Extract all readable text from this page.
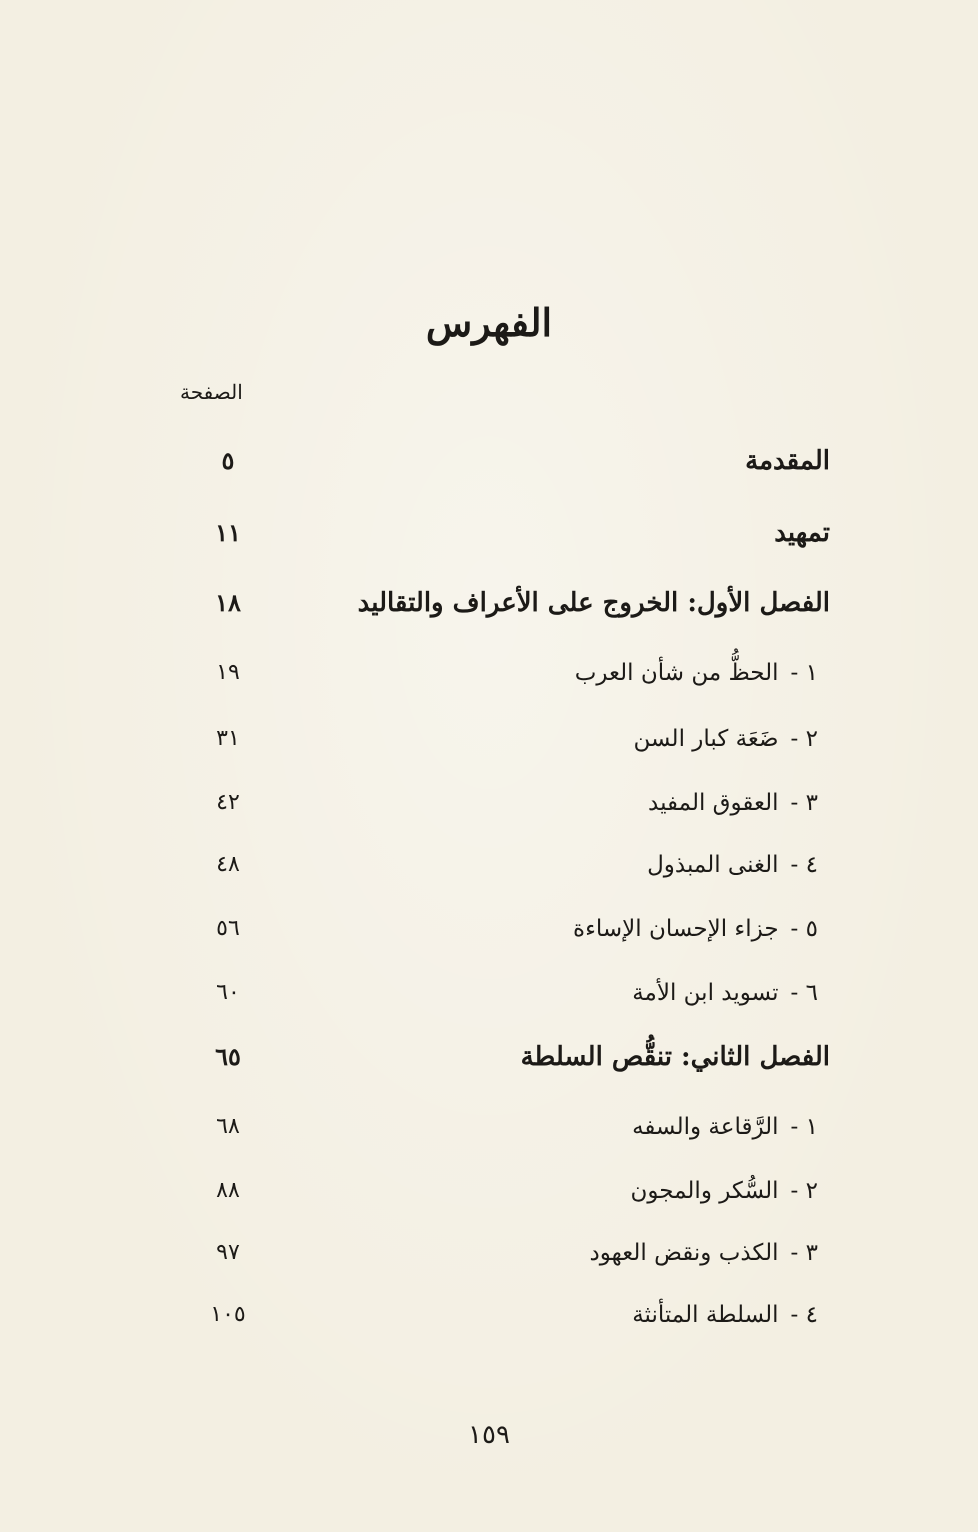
الفهرس
الصفحة
المقدمة
٥
تمهيد
١١
الفصل الأول: الخروج على الأعراف والتقاليد
١٨
١ -الحظُّ من شأن العرب
١٩
٢ -ضَعَة كبار السن
٣١
٣ -العقوق المفيد
٤٢
٤ -الغنى المبذول
٤٨
٥ -جزاء الإحسان الإساءة
٥٦
٦ -تسويد ابن الأمة
٦٠
الفصل الثاني: تنقُّص السلطة
٦٥
١ -الرَّقاعة والسفه
٦٨
٢ -السُّكر والمجون
٨٨
٣ -الكذب ونقض العهود
٩٧
٤ -السلطة المتأنثة
١٠٥
١٥٩
